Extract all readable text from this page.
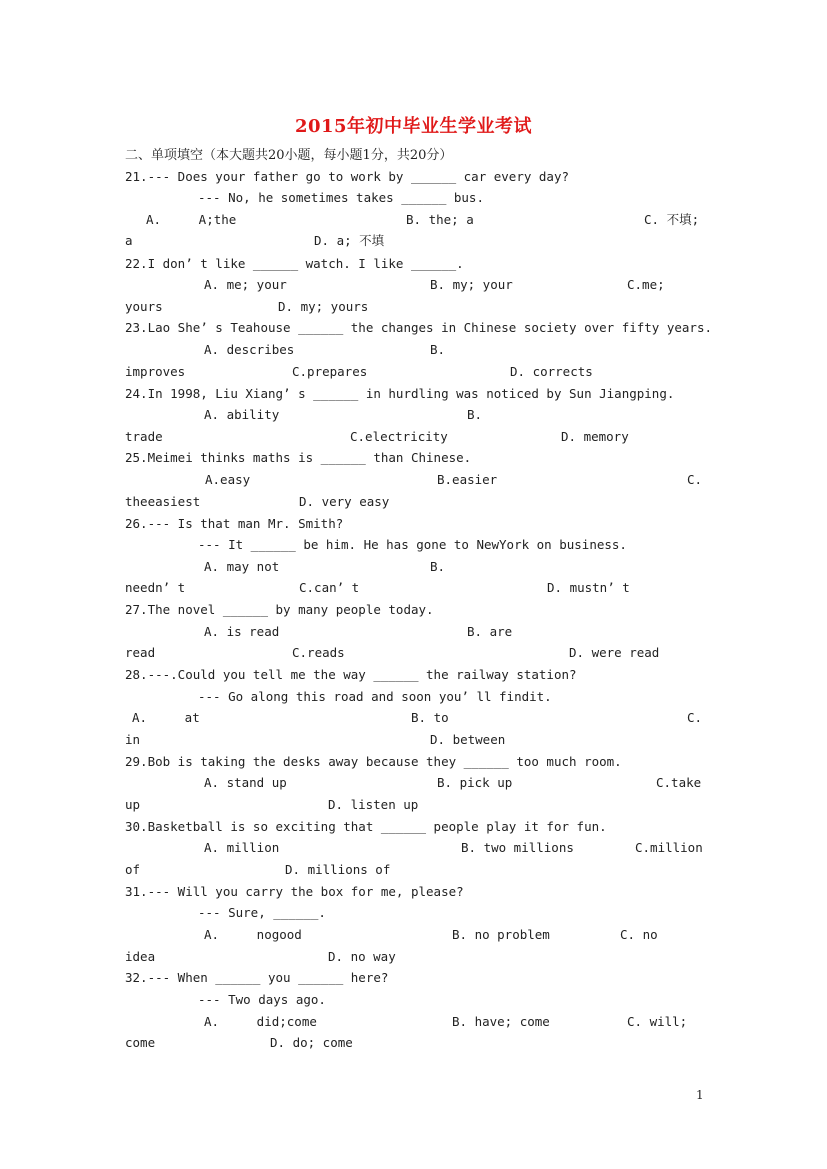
2015年初中毕业生学业考试
二、单项填空（本大题共20小题，每小题1分，共20分）
21.--- Does your father go to work by ______ car every day?
--- No, he sometimes takes ______ bus.

A.     A;the

	B. the; a

	C. 不填;

a

	D. a; 不填

22.I don’ t like ______ watch. I like ______.

A. me; your

	B. my; your

	C.me;

yours

	D. my; yours

23.Lao She’ s Teahouse ______ the changes in Chinese society over fifty years.

A. describes

	B.

improves

	C.prepares

	D. corrects

24.In 1998, Liu Xiang’ s ______ in hurdling was noticed by Sun Jiangping.

A. ability

	B.

trade

	C.electricity

	D. memory

25.Meimei thinks maths is ______ than Chinese.

A.easy

	B.easier

	C.

theeasiest

	D. very easy

26.--- Is that man Mr. Smith?
--- It ______ be him. He has gone to NewYork on business.

A. may not

	B.

needn’ t

	C.can’ t

	D. mustn’ t

27.The novel ______ by many people today.

A. is read

	B. are

read

	C.reads

	D. were read

28.---.Could you tell me the way ______ the railway station?
--- Go along this road and soon you’ ll findit.

A.     at

	B. to

	C.

in

	D. between

29.Bob is taking the desks away because they ______ too much room.

A. stand up

	B. pick up

	C.take

up

	D. listen up

30.Basketball is so exciting that ______ people play it for fun.

A. million

	B. two millions

	C.million

of

	D. millions of

31.--- Will you carry the box for me, please?
--- Sure, ______.

A.     nogood

	B. no problem

	C. no

idea

	D. no way

32.--- When ______ you ______ here?
--- Two days ago.

A.     did;come

	B. have; come

	C. will;

come

	D. do; come

1
